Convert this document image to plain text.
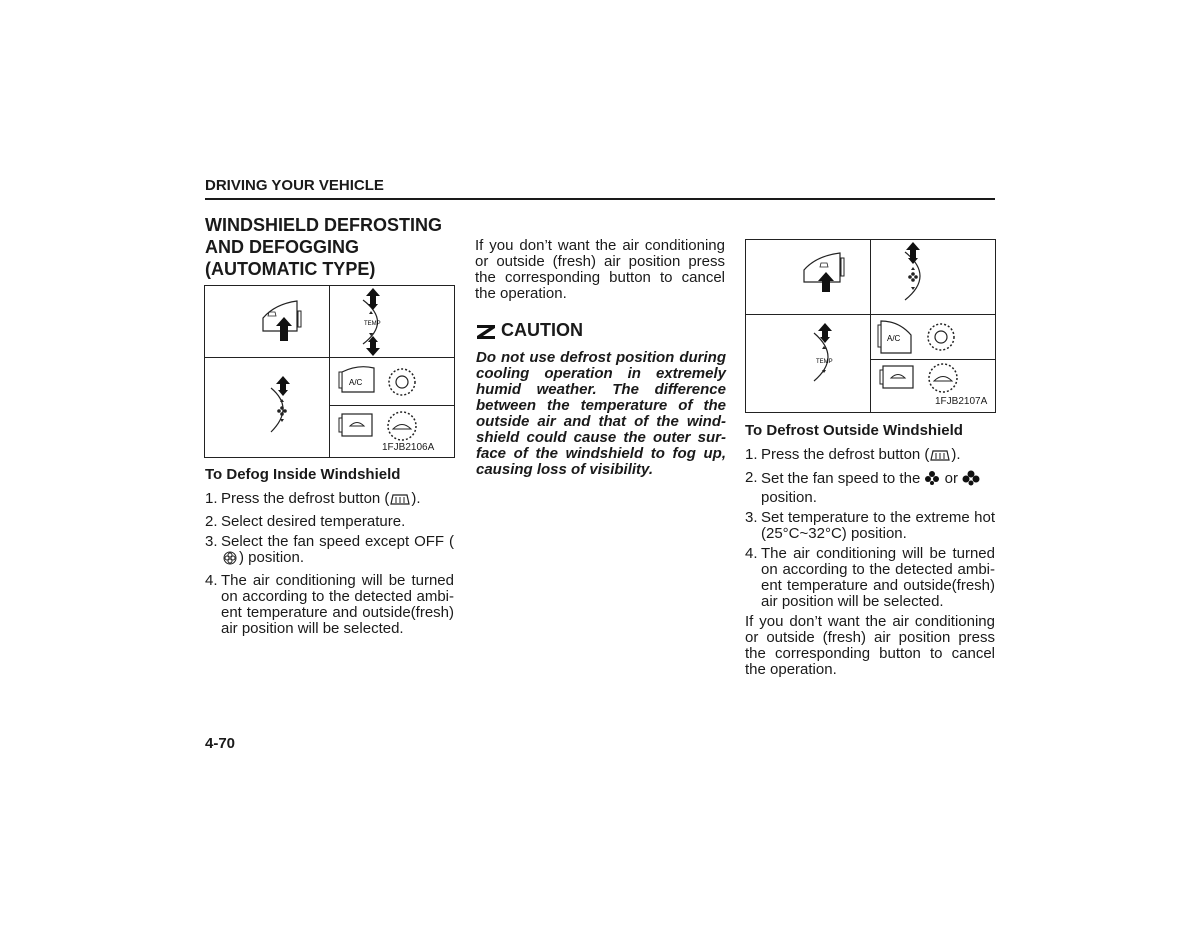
DRIVING YOUR VEHICLE
WINDSHIELD DEFROSTING
AND DEFOGGING
(AUTOMATIC TYPE)
TEMP
A/C
1FJB2106A
To Defog Inside Windshield
1. Press the defrost button ( ).
2. Select desired temperature.
3. Select the fan speed except OFF () position.
4. The air conditioning will be turned on according to the detected ambi-ent temperature and outside(fresh) air position will be selected.
If you don’t want the air conditioning or outside (fresh) air position press the corresponding button to cancel the operation.
CAUTION
Do not use defrost position during cooling operation in extremely humid weather. The difference between the temperature of the outside air and that of the wind-shield could cause the outer sur-face of the windshield to fog up, causing loss of visibility.
TEMP
A/C
1FJB2107A
To Defrost Outside Windshield
1. Press the defrost button ( ).
2. Set the fan speed to the or
position.
3. Set temperature to the extreme hot (25°C~32°C) position.
4. The air conditioning will be turned on according to the detected ambi-ent temperature and outside(fresh) air position will be selected.
If you don’t want the air conditioning or outside (fresh) air position press the corresponding button to cancel the operation.
4-70
